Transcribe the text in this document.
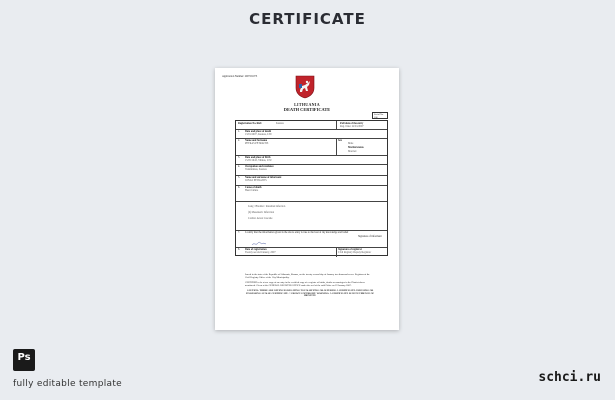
CERTIFICATE
Application Number: 2007/01073
LITHUANIA
DEATH CERTIFICATE
Serial No.
100
Registration No./Ref.:	Kaunas	Full date of the entry
Reg. Date: 22/01/2007
1. Date and place of death
13/01/2007, Kaunas, LTU
2. Name and Surname
PETRAS PETRAITIS
Sex
Male
Marital status
Married
3. Date and place of birth
15/05/1943, Vilnius, LTU
4. Occupation and residence
Vaistininkas, Kaunas
5. Name and surname of informant
JONAS PETRAITIS
6. Cause of death
Heart failure
Lung / Bladder / Intestinal infection
(b) Mesenteric Infarction
Cardiac Arrest Cascade
7. I certify that the information given in the above entry is true to the best of my knowledge and belief
Signature of informant
8. Date of registration
Twenty second January, 2007
Signature of registrar
Civil Registry Deputy Registrar

Issued in the state of the Republic of Lithuania, Kaunas, on the twenty second day of January two thousand seven. Registrar of the Civil Registry Office of the City Municipality.

CERTIFIED to be a true copy of an entry in the certified copy of a register of births, deaths or marriages in the District above mentioned. Given at the GENERAL REGISTER OFFICE under the seal of the said Office on 22 January 2007.

CAUTION: THERE ARE OFFENCES RELATING TO FALSIFYING OR ALTERING A CERTIFICATE AND USING OR POSSESSING A FALSE CERTIFICATE. ©CROWN COPYRIGHT. WARNING: A CERTIFICATE IS NOT EVIDENCE OF IDENTITY.

Ps
fully editable template	schci.ru
